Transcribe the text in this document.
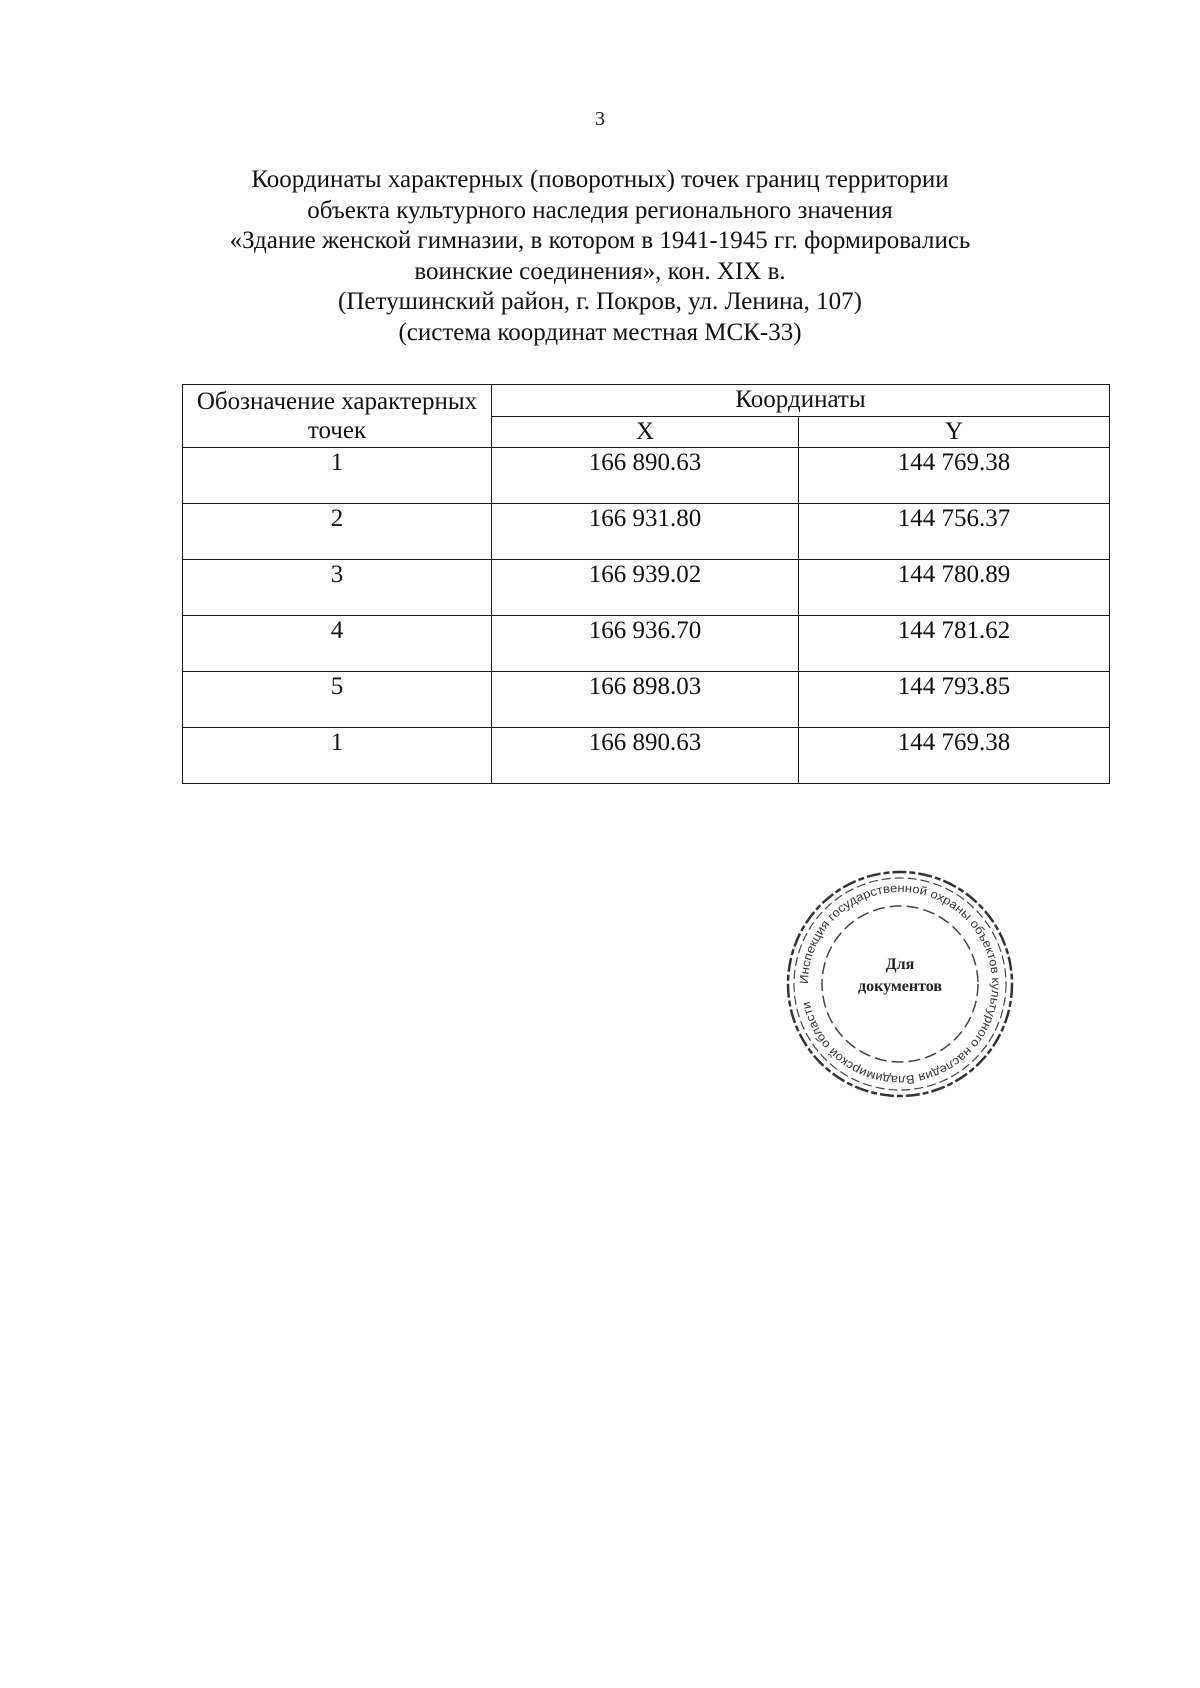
3
Координаты характерных (поворотных) точек границ территории
объекта культурного наследия регионального значения
«Здание женской гимназии, в котором в 1941-1945 гг. формировались
воинские соединения», кон. XIX в.
(Петушинский район, г. Покров, ул. Ленина, 107)
(система координат местная МСК-33)
Обозначение характерных точек	Координаты	
	X	Y
1	166 890.63	144 769.38
2	166 931.80	144 756.37
3	166 939.02	144 780.89
4	166 936.70	144 781.62
5	166 898.03	144 793.85
1	166 890.63	144 769.38
Инспекция государственной охраны объектов культурного наследия Владимирской области
Для
документов
